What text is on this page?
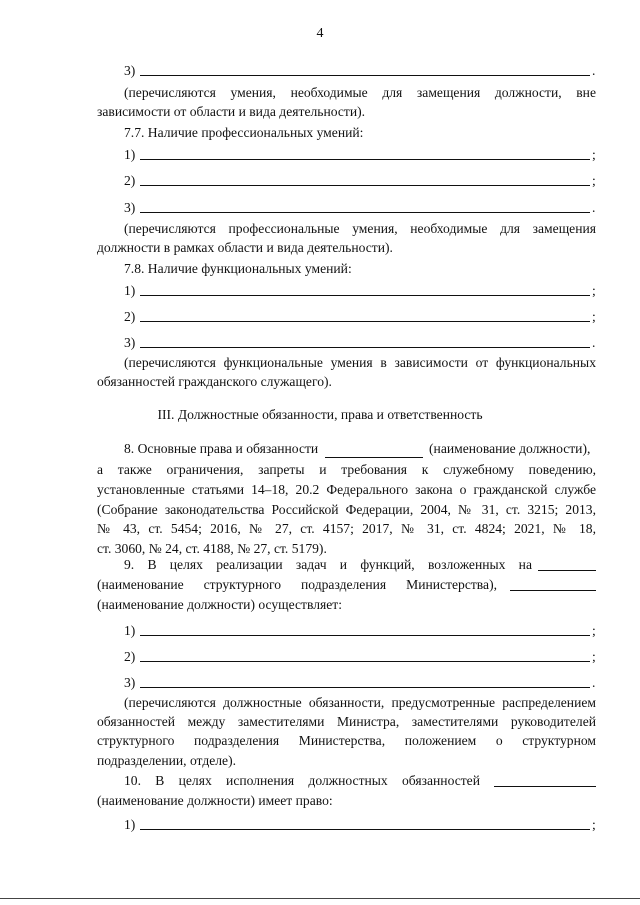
4
3)	.
(перечисляются умения, необходимые для замещения должности, вне
зависимости от области и вида деятельности).
7.7. Наличие профессиональных умений:
1)	;
2)	;
3)	.
(перечисляются профессиональные умения, необходимые для замещения
должности в рамках области и вида деятельности).
7.8. Наличие функциональных умений:
1)	;
2)	;
3)	.
(перечисляются функциональные умения в зависимости от функциональных
обязанностей гражданского служащего).
III. Должностные обязанности, права и ответственность
8. Основные права и обязанности	(наименование должности),
а также ограничения, запреты и требования к служебному поведению,
установленные статьями 14–18, 20.2 Федерального закона о гражданской службе
(Собрание законодательства Российской Федерации, 2004, № 31, ст. 3215; 2013,
№ 43, ст. 5454; 2016, № 27, ст. 4157; 2017, № 31, ст. 4824; 2021, № 18,
ст. 3060, № 24, ст. 4188, № 27, ст. 5179).
9. В целях реализации задач и функций, возложенных на
(наименование структурного подразделения Министерства),
(наименование должности) осуществляет:
1)	;
2)	;
3)	.
(перечисляются должностные обязанности, предусмотренные распределением
обязанностей между заместителями Министра, заместителями руководителей
структурного подразделения Министерства, положением о структурном
подразделении, отделе).
10. В целях исполнения должностных обязанностей
(наименование должности) имеет право:
1)	;
